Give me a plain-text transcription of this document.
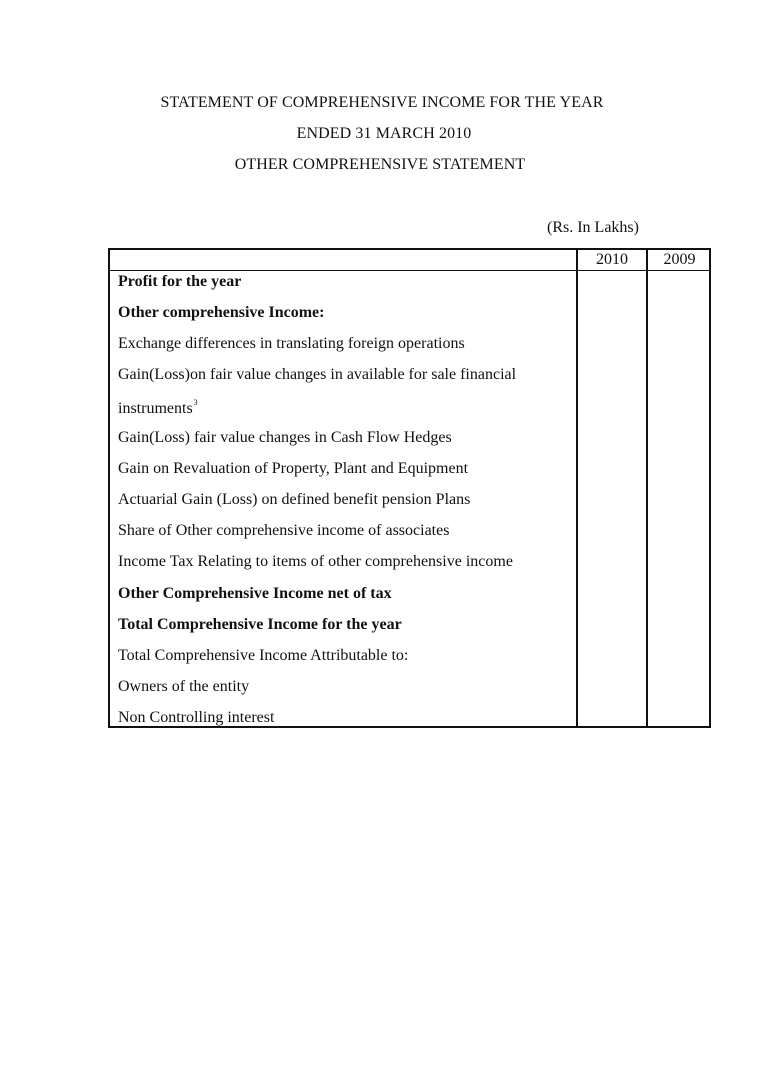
STATEMENT OF COMPREHENSIVE INCOME FOR THE YEAR
ENDED 31 MARCH 2010
OTHER COMPREHENSIVE STATEMENT
(Rs. In Lakhs)
2010	2009
Profit for the year
Other comprehensive Income:
Exchange differences in translating foreign operations
Gain(Loss)on fair value changes in available for sale financial
instruments$^3$
Gain(Loss) fair value changes in Cash Flow Hedges
Gain on Revaluation of Property, Plant and Equipment
Actuarial Gain (Loss) on defined benefit pension Plans
Share of Other comprehensive income of associates
Income Tax Relating to items of other comprehensive income
Other Comprehensive Income net of tax
Total Comprehensive Income for the year
Total Comprehensive Income Attributable to:
Owners of the entity
Non Controlling interest
